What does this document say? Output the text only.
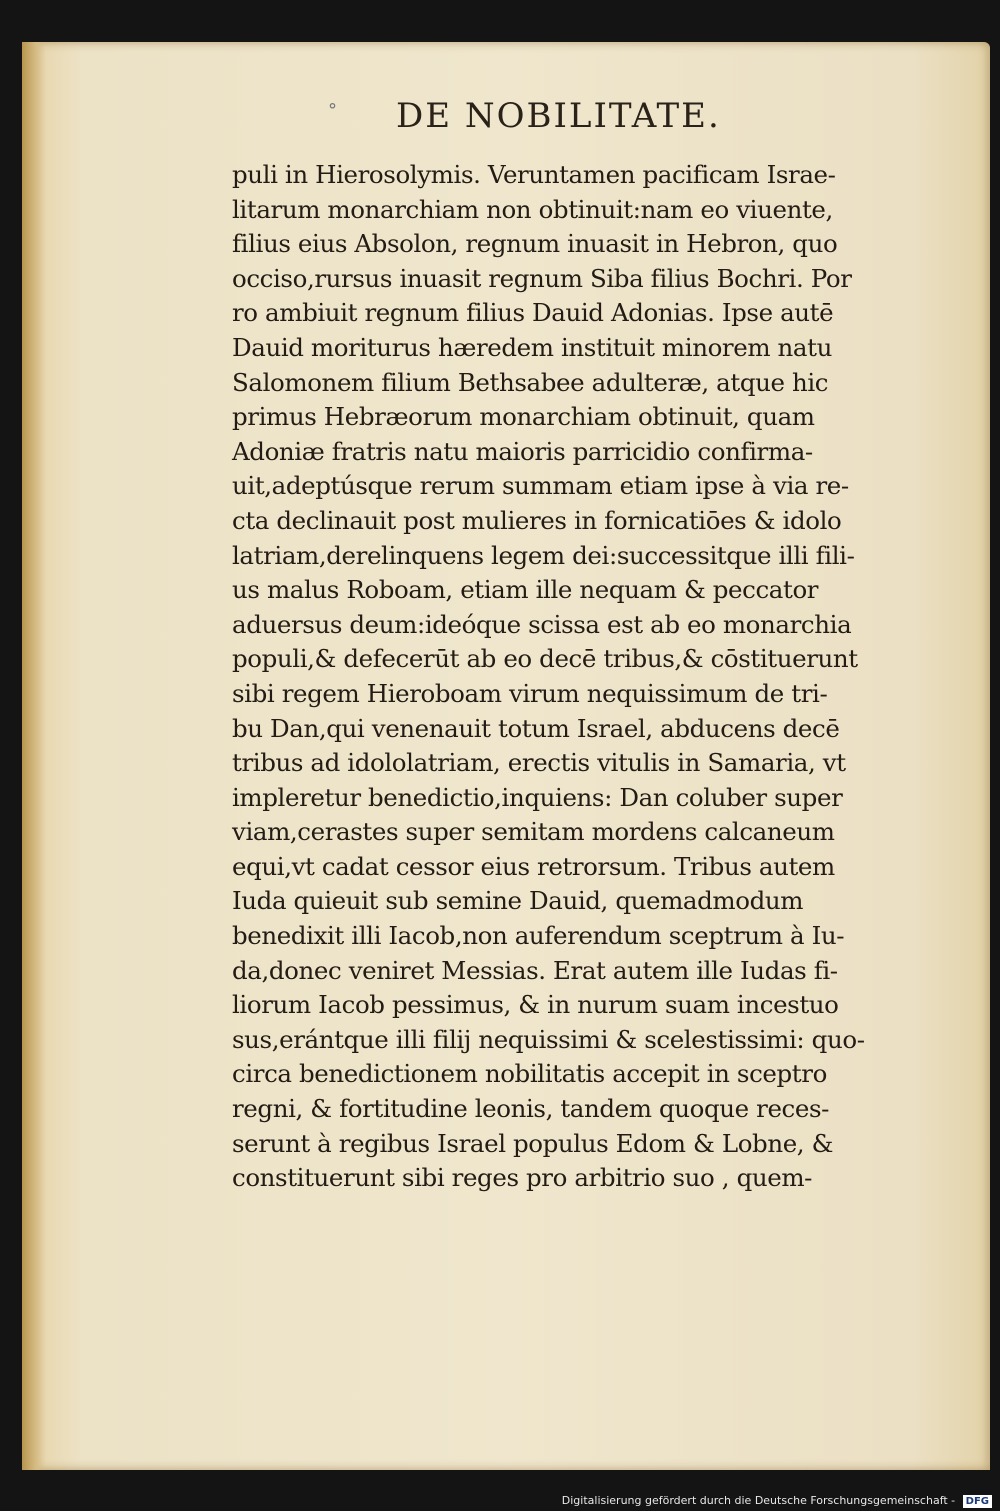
° DE NOBILITATE.
puli in Hierosolymis. Veruntamen pacificam Israe-
litarum monarchiam non obtinuit:nam eo viuente,
filius eius Absolon, regnum inuasit in Hebron, quo
occiso,rursus inuasit regnum Siba filius Bochri. Por
ro ambiuit regnum filius Dauid Adonias. Ipse autē
Dauid moriturus hæredem instituit minorem natu
Salomonem filium Bethsabee adulteræ, atque hic
primus Hebræorum monarchiam obtinuit, quam
Adoniæ fratris natu maioris parricidio confirma-
uit,adeptúsque rerum summam etiam ipse à via re-
cta declinauit post mulieres in fornicatiōes & idolo
latriam,derelinquens legem dei:successitque illi fili-
us malus Roboam, etiam ille nequam & peccator
aduersus deum:ideóque scissa est ab eo monarchia
populi,& defecerūt ab eo decē tribus,& cōstituerunt
sibi regem Hieroboam virum nequissimum de tri-
bu Dan,qui venenauit totum Israel, abducens decē
tribus ad idololatriam, erectis vitulis in Samaria, vt
impleretur benedictio,inquiens: Dan coluber super
viam,cerastes super semitam mordens calcaneum
equi,vt cadat cessor eius retrorsum. Tribus autem
Iuda quieuit sub semine Dauid, quemadmodum
benedixit illi Iacob,non auferendum sceptrum à Iu-
da,donec veniret Messias. Erat autem ille Iudas fi-
liorum Iacob pessimus, & in nurum suam incestuo
sus,erántque illi filij nequissimi & scelestissimi: quo-
circa benedictionem nobilitatis accepit in sceptro
regni, & fortitudine leonis, tandem quoque reces-
serunt à regibus Israel populus Edom & Lobne, &
constituerunt sibi reges pro arbitrio suo , quem-
Digitalisierung gefördert durch die Deutsche Forschungsgemeinschaft - DFG
